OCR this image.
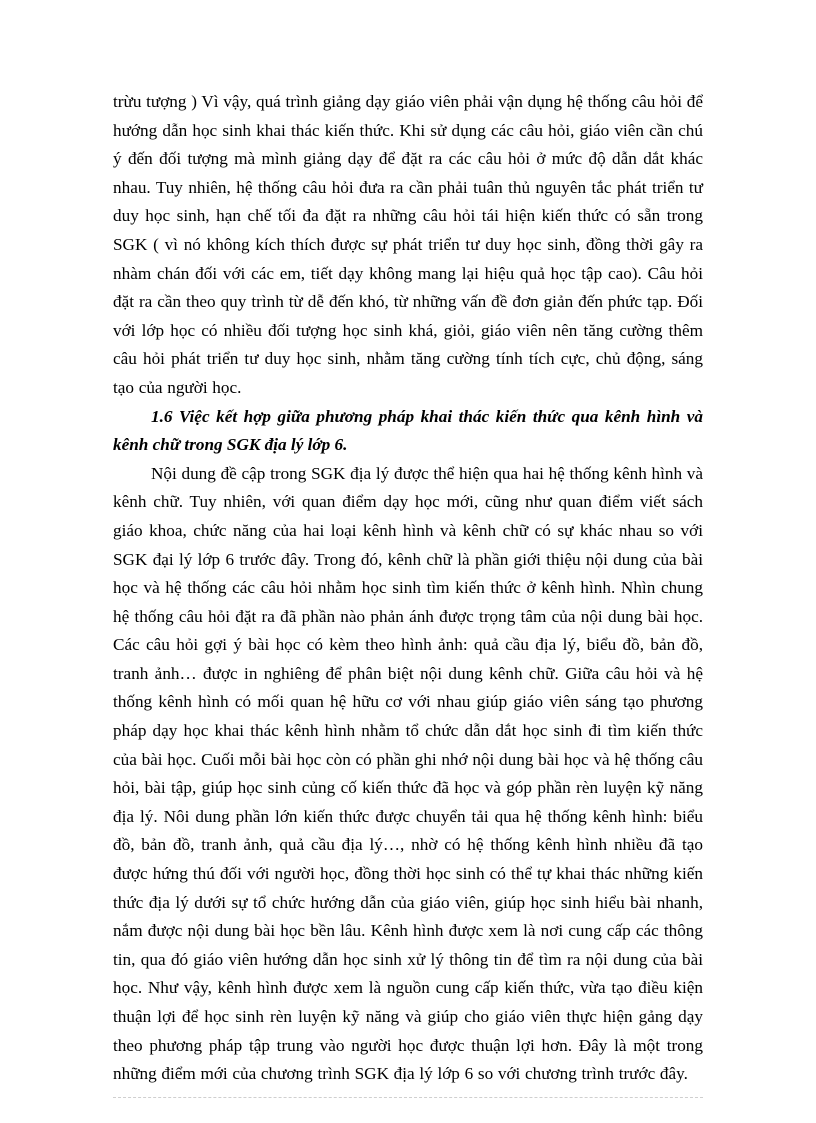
trừu tượng ) Vì vậy, quá trình giảng dạy giáo viên phải vận dụng hệ thống câu hỏi để hướng dẫn học sinh khai thác kiến thức. Khi sử dụng các câu hỏi, giáo viên cần chú ý đến đối tượng mà mình giảng dạy để đặt ra các câu hỏi ở mức độ dẫn dắt khác nhau. Tuy nhiên, hệ thống câu hỏi đưa ra cần phải tuân thủ nguyên tắc phát triển tư duy học sinh, hạn chế tối đa đặt ra những câu hỏi tái hiện kiến thức có sẵn trong SGK ( vì nó không kích thích được sự phát triển tư duy học sinh, đồng thời gây ra nhàm chán đối với các em, tiết dạy không mang lại hiệu quả học tập cao). Câu hỏi đặt ra cần theo quy trình từ dễ đến khó, từ những vấn đề đơn giản đến phức tạp. Đối với lớp học có nhiều đối tượng học sinh khá, giỏi, giáo viên nên tăng cường thêm câu hỏi phát triển tư duy học sinh, nhằm tăng cường tính tích cực, chủ động, sáng tạo của người học.

1.6 Việc kết hợp giữa phương pháp khai thác kiến thức qua kênh hình và kênh chữ trong SGK địa lý lớp 6.

Nội dung đề cập trong SGK địa lý được thể hiện qua hai hệ thống kênh hình và kênh chữ. Tuy nhiên, với quan điểm dạy học mới, cũng như quan điểm viết sách giáo khoa, chức năng của hai loại kênh hình và kênh chữ có sự khác nhau so với SGK đại lý lớp 6 trước đây. Trong đó, kênh chữ là phần giới thiệu nội dung của bài học và hệ thống các câu hỏi nhằm học sinh tìm kiến thức ở kênh hình. Nhìn chung hệ thống câu hỏi đặt ra đã phần nào phản ánh được trọng tâm của nội dung bài học. Các câu hỏi gợi ý bài học có kèm theo hình ảnh: quả cầu địa lý, biểu đồ, bản đồ, tranh ảnh… được in nghiêng để phân biệt nội dung kênh chữ. Giữa câu hỏi và hệ thống kênh hình có mối quan hệ hữu cơ với nhau giúp giáo viên sáng tạo phương pháp dạy học khai thác kênh hình nhằm tổ chức dẫn dắt học sinh đi tìm kiến thức của bài học. Cuối mỗi bài học còn có phần ghi nhớ nội dung bài học và hệ thống câu hỏi, bài tập, giúp học sinh củng cố kiến thức đã học và góp phần rèn luyện kỹ năng địa lý. Nôi dung phần lớn kiến thức được chuyển tải qua hệ thống kênh hình: biểu đồ, bản đồ, tranh ảnh, quả cầu địa lý…, nhờ có hệ thống kênh hình nhiều đã tạo được hứng thú đối với người học, đồng thời học sinh có thể tự khai thác những kiến thức địa lý dưới sự tổ chức hướng dẫn của giáo viên, giúp học sinh hiểu bài nhanh, nắm được nội dung bài học bền lâu. Kênh hình được xem là nơi cung cấp các thông tin, qua đó giáo viên hướng dẫn học sinh xử lý thông tin để tìm ra nội dung của bài học. Như vậy, kênh hình được xem là nguồn cung cấp kiến thức, vừa tạo điều kiện thuận lợi để học sinh rèn luyện kỹ năng và giúp cho giáo viên thực hiện gảng dạy theo phương pháp tập trung vào người học được thuận lợi hơn. Đây là một trong những điểm mới của chương trình SGK địa lý lớp 6 so với chương trình trước đây.
